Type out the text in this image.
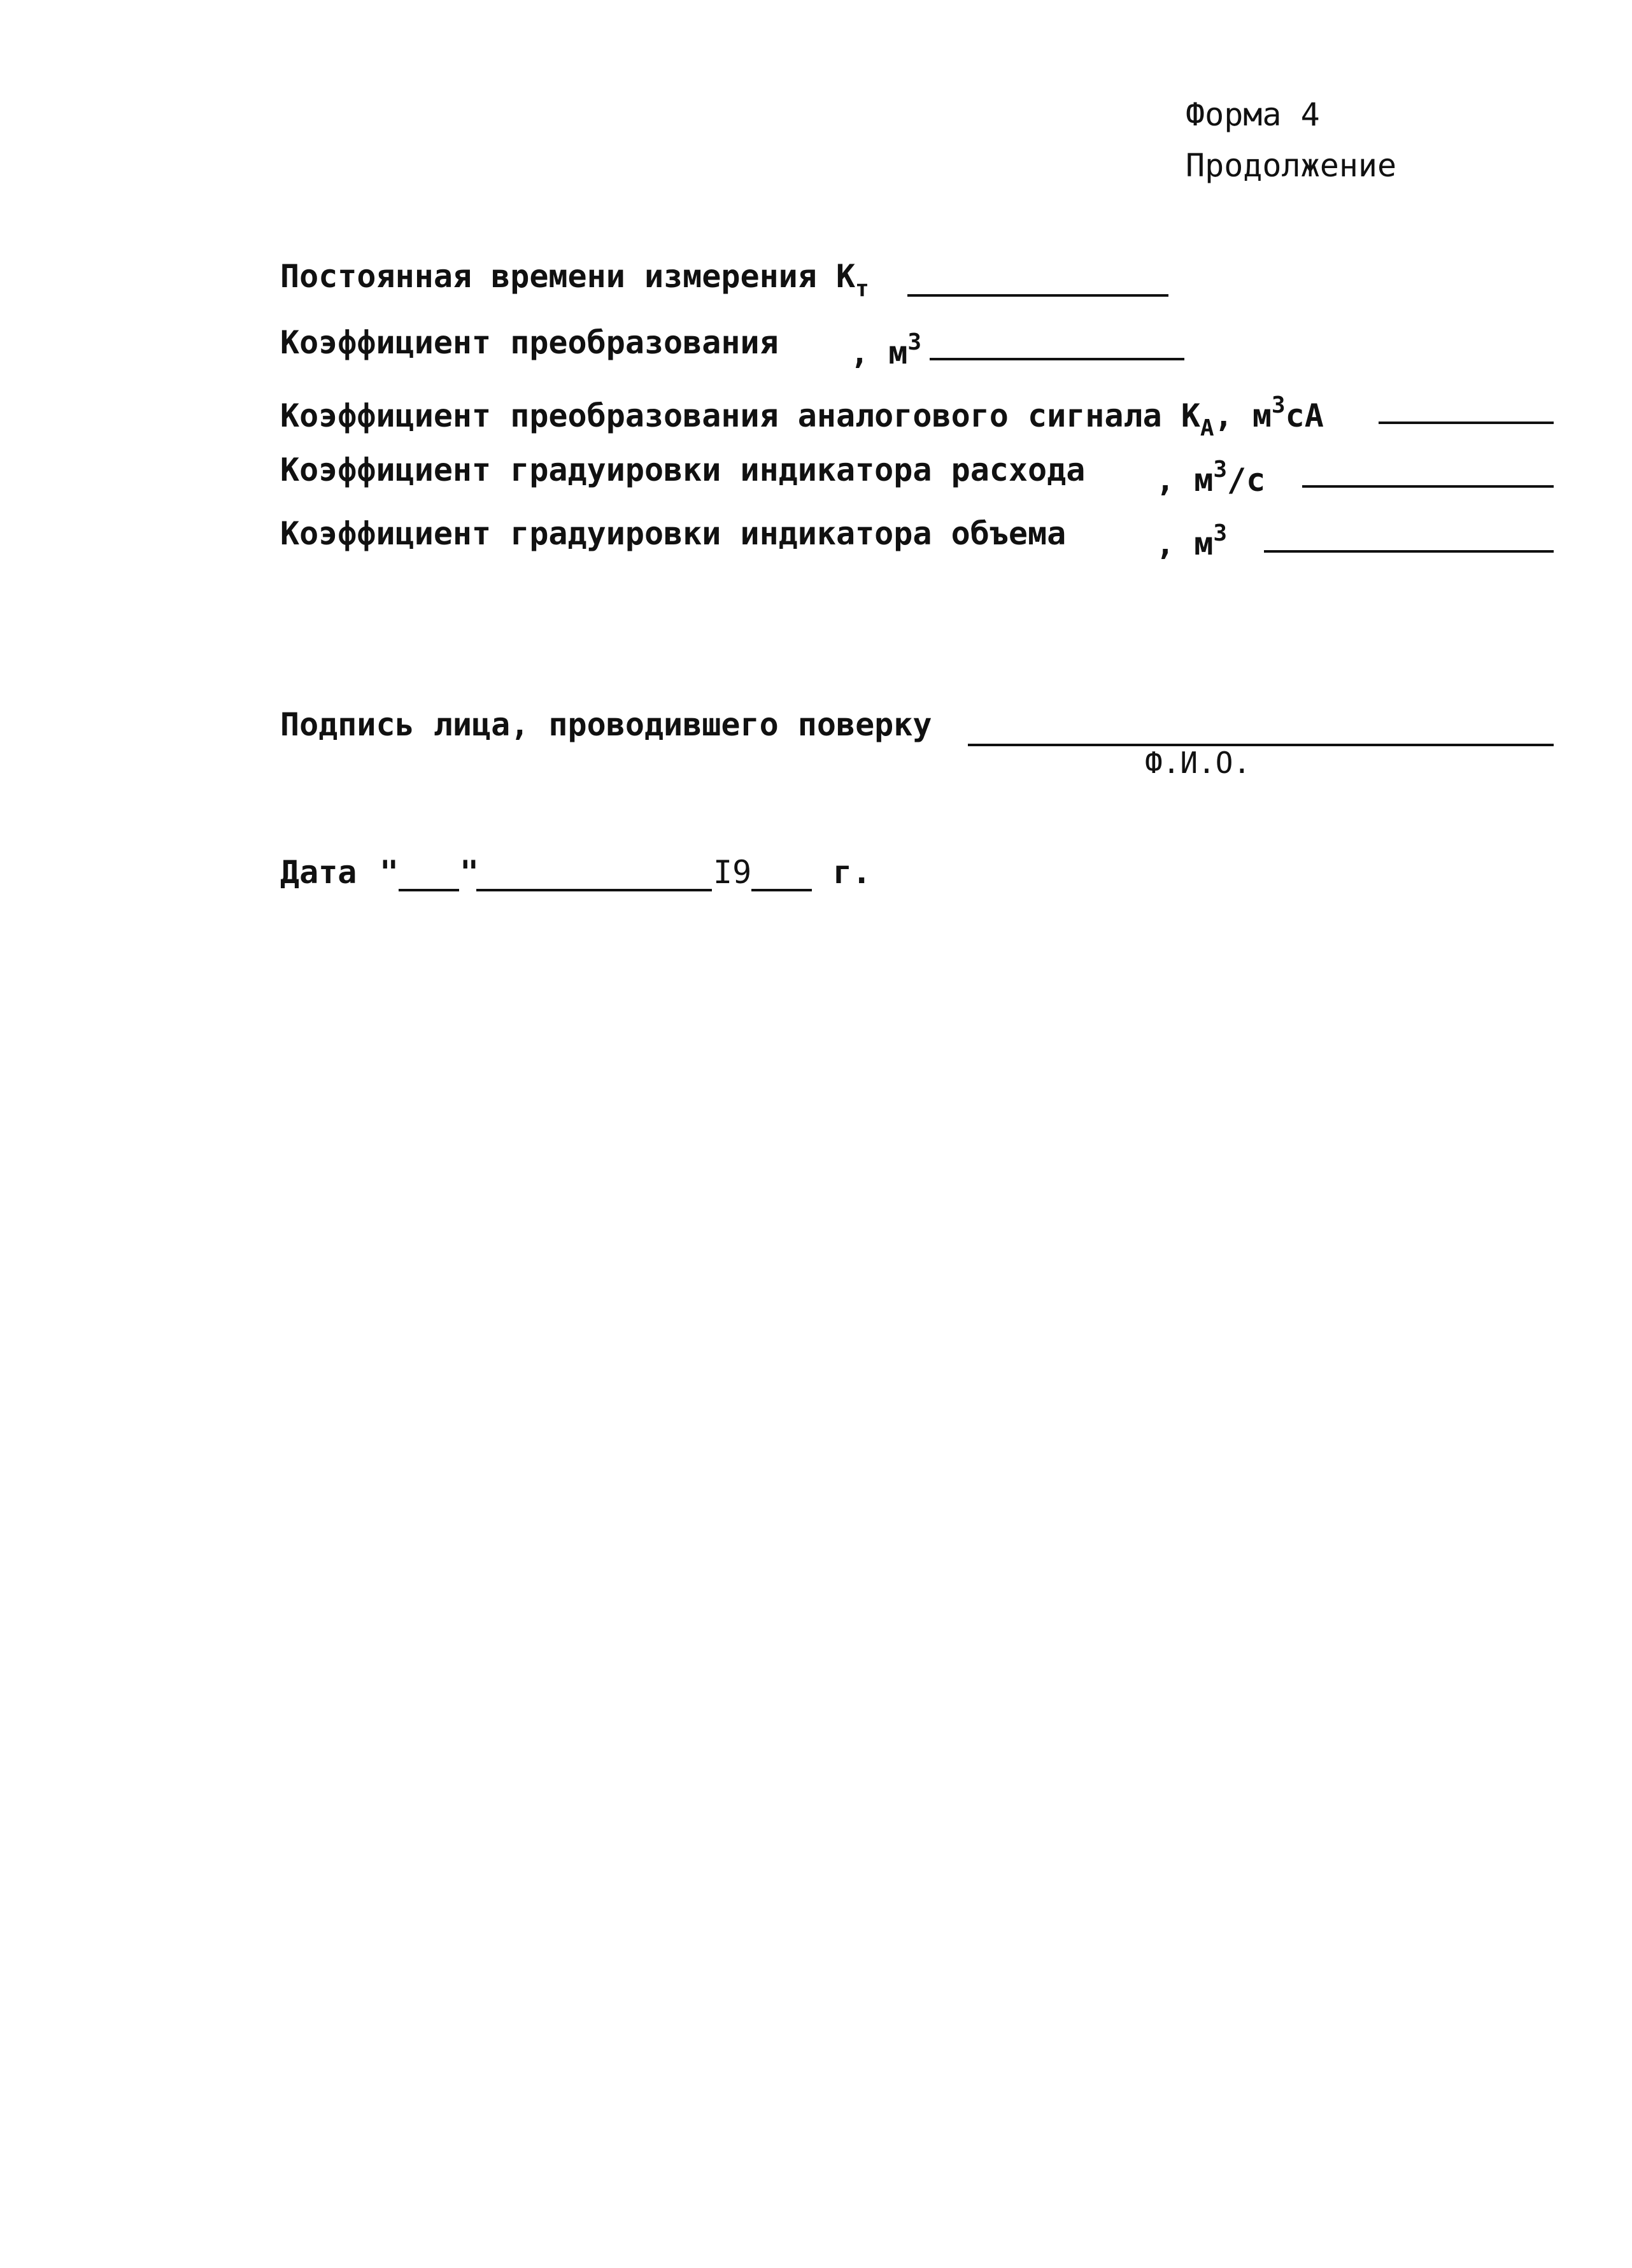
Форма 4
Продолжение
Постоянная времени измерения $К_т$
Коэффициент преобразования , $м^3$
Коэффициент преобразования аналогового сигнала $К_А$, $м^3сА$
Коэффициент градуировки индикатора расхода , $м^3/с$
Коэффициент градуировки индикатора объема	, $м^3$
Подпись лица, проводившего поверку
Ф.И.О.
Дата " "	I9	г.
